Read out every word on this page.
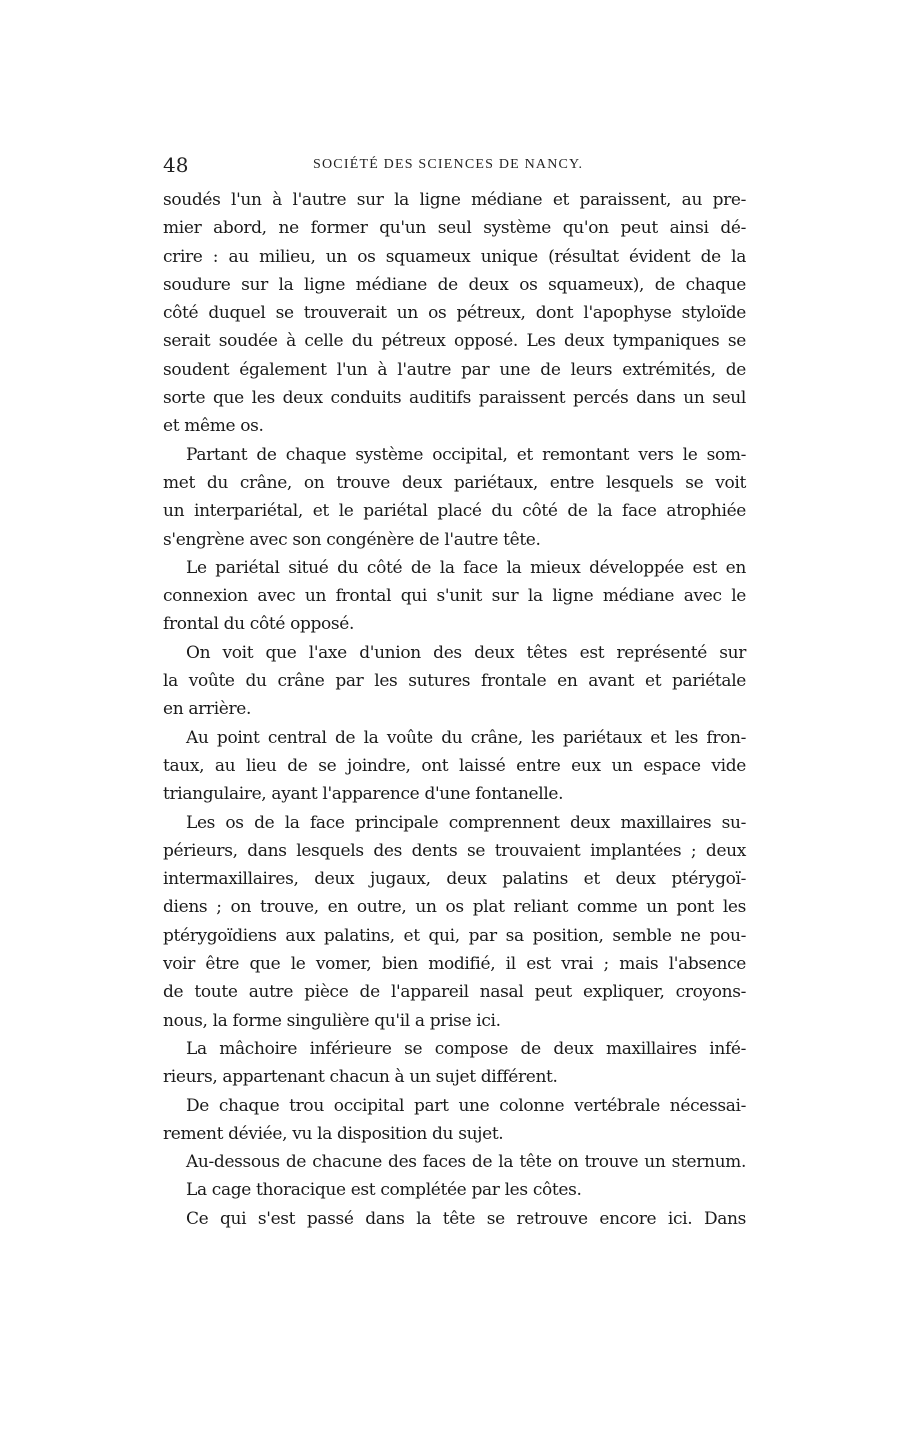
48	SOCIÉTÉ DES SCIENCES DE NANCY.
soudés l'un à l'autre sur la ligne médiane et paraissent, au pre-
mier abord, ne former qu'un seul système qu'on peut ainsi dé-
crire : au milieu, un os squameux unique (résultat évident de la
soudure sur la ligne médiane de deux os squameux), de chaque
côté duquel se trouverait un os pétreux, dont l'apophyse styloïde
serait soudée à celle du pétreux opposé. Les deux tympaniques se
soudent également l'un à l'autre par une de leurs extrémités, de
sorte que les deux conduits auditifs paraissent percés dans un seul
et même os.
Partant de chaque système occipital, et remontant vers le som-
met du crâne, on trouve deux pariétaux, entre lesquels se voit
un interpariétal, et le pariétal placé du côté de la face atrophiée
s'engrène avec son congénère de l'autre tête.
Le pariétal situé du côté de la face la mieux développée est en
connexion avec un frontal qui s'unit sur la ligne médiane avec le
frontal du côté opposé.
On voit que l'axe d'union des deux têtes est représenté sur
la voûte du crâne par les sutures frontale en avant et pariétale
en arrière.
Au point central de la voûte du crâne, les pariétaux et les fron-
taux, au lieu de se joindre, ont laissé entre eux un espace vide
triangulaire, ayant l'apparence d'une fontanelle.
Les os de la face principale comprennent deux maxillaires su-
périeurs, dans lesquels des dents se trouvaient implantées ; deux
intermaxillaires, deux jugaux, deux palatins et deux ptérygoï-
diens ; on trouve, en outre, un os plat reliant comme un pont les
ptérygoïdiens aux palatins, et qui, par sa position, semble ne pou-
voir être que le vomer, bien modifié, il est vrai ; mais l'absence
de toute autre pièce de l'appareil nasal peut expliquer, croyons-
nous, la forme singulière qu'il a prise ici.
La mâchoire inférieure se compose de deux maxillaires infé-
rieurs, appartenant chacun à un sujet différent.
De chaque trou occipital part une colonne vertébrale nécessai-
rement déviée, vu la disposition du sujet.
Au-dessous de chacune des faces de la tête on trouve un sternum.
La cage thoracique est complétée par les côtes.
Ce qui s'est passé dans la tête se retrouve encore ici. Dans
